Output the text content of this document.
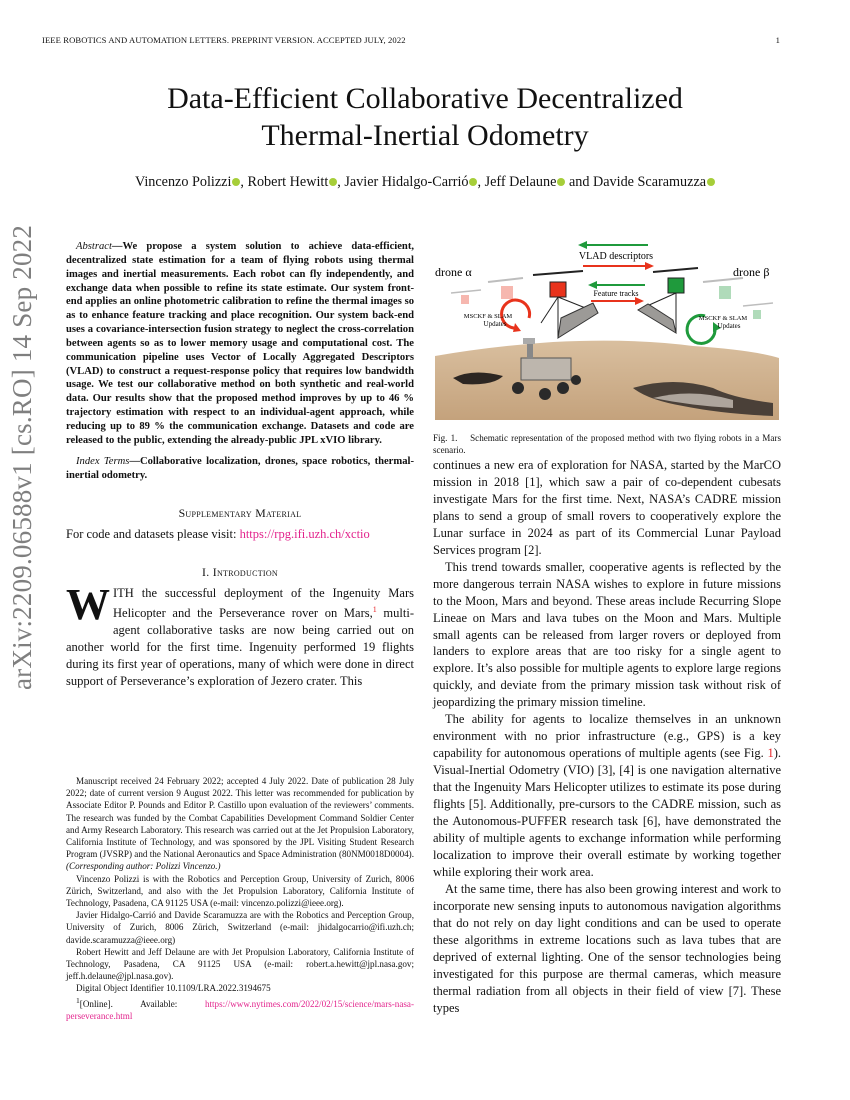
IEEE ROBOTICS AND AUTOMATION LETTERS. PREPRINT VERSION. ACCEPTED JULY, 2022	1
arXiv:2209.06588v1 [cs.RO] 14 Sep 2022
Data-Efficient Collaborative Decentralized
Thermal-Inertial Odometry
Vincenzo Polizzi , Robert Hewitt , Javier Hidalgo-Carrió , Jeff Delaune and Davide Scaramuzza

Abstract—We propose a system solution to achieve data-efficient, decentralized state estimation for a team of flying robots using thermal images and inertial measurements. Each robot can fly independently, and exchange data when possible to refine its state estimate. Our system front-end applies an online photometric calibration to refine the thermal images so as to enhance feature tracking and place recognition. Our system back-end uses a covariance-intersection fusion strategy to neglect the cross-correlation between agents so as to lower memory usage and computational cost. The communication pipeline uses Vector of Locally Aggregated Descriptors (VLAD) to construct a request-response policy that requires low bandwidth usage. We test our collaborative method on both synthetic and real-world data. Our results show that the proposed method improves by up to 46 % trajectory estimation with respect to an individual-agent approach, while reducing up to 89 % the communication exchange. Datasets and code are released to the public, extending the already-public JPL xVIO library.

Index Terms—Collaborative localization, drones, space robotics, thermal-inertial odometry.

Supplementary Material

For code and datasets please visit: https://rpg.ifi.uzh.ch/xctio

I. Introduction

WITH the successful deployment of the Ingenuity Mars Helicopter and the Perseverance rover on Mars,$^1$ multi-agent collaborative tasks are now being carried out on another world for the first time. Ingenuity performed 19 flights during its first year of operations, many of which were done in direct support of Perseverance’s exploration of Jezero crater. This

Manuscript received 24 February 2022; accepted 4 July 2022. Date of publication 28 July 2022; date of current version 9 August 2022. This letter was recommended for publication by Associate Editor P. Pounds and Editor P. Castillo upon evaluation of the reviewers’ comments. The research was funded by the Combat Capabilities Development Command Soldier Center and Army Research Laboratory. This research was carried out at the Jet Propulsion Laboratory, California Institute of Technology, and was sponsored by the JPL Visiting Student Research Program (JVSRP) and the National Aeronautics and Space Administration (80NM0018D0004). (Corresponding author: Polizzi Vincenzo.)

Vincenzo Polizzi is with the Robotics and Perception Group, University of Zurich, 8006 Zürich, Switzerland, and also with the Jet Propulsion Laboratory, California Institute of Technology, Pasadena, CA 91125 USA (e-mail: vincenzo.polizzi@ieee.org).

Javier Hidalgo-Carrió and Davide Scaramuzza are with the Robotics and Perception Group, University of Zurich, 8006 Zürich, Switzerland (e-mail: jhidalgocarrio@ifi.uzh.ch; davide.scaramuzza@ieee.org)

Robert Hewitt and Jeff Delaune are with Jet Propulsion Laboratory, California Institute of Technology, Pasadena, CA 91125 USA (e-mail: robert.a.hewitt@jpl.nasa.gov; jeff.h.delaune@jpl.nasa.gov).

Digital Object Identifier 10.1109/LRA.2022.3194675

$^1$[Online].    Available:    https://www.nytimes.com/2022/02/15/science/mars-nasa-perseverance.html

VLAD descriptors
Feature tracks
drone α
MSCKF & SLAM
Updates
drone β
MSCKF & SLAM
Updates
Fig. 1.    Schematic representation of the proposed method with two flying robots in a Mars scenario.

continues a new era of exploration for NASA, started by the MarCO mission in 2018 [1], which saw a pair of co-dependent cubesats investigate Mars for the first time. Next, NASA’s CADRE mission plans to send a group of small rovers to cooperatively explore the Lunar surface in 2024 as part of its Commercial Lunar Payload Services program [2].

This trend towards smaller, cooperative agents is reflected by the more dangerous terrain NASA wishes to explore in future missions to the Moon, Mars and beyond. These areas include Recurring Slope Lineae on Mars and lava tubes on the Moon and Mars. Multiple small agents can be released from larger rovers or deployed from landers to explore areas that are too risky for a single agent to explore. It’s also possible for multiple agents to explore large regions quickly, and deviate from the primary mission task without risk of jeopardizing the primary mission timeline.

The ability for agents to localize themselves in an unknown environment with no prior infrastructure (e.g., GPS) is a key capability for autonomous operations of multiple agents (see Fig. 1). Visual-Inertial Odometry (VIO) [3], [4] is one navigation alternative that the Ingenuity Mars Helicopter utilizes to estimate its pose during flights [5]. Additionally, pre-cursors to the CADRE mission, such as the Autonomous-PUFFER research task [6], have demonstrated the ability of multiple agents to exchange information while performing localization to improve their overall estimate by working together while exploring their work area.

At the same time, there has also been growing interest and work to incorporate new sensing inputs to autonomous navigation algorithms that do not rely on day light conditions and can be used to operate these algorithms in extreme locations such as lava tubes that are deprived of external lighting. One of the sensor technologies being investigated for this purpose are thermal cameras, which measure thermal radiation from all objects in their field of view [7]. These types
